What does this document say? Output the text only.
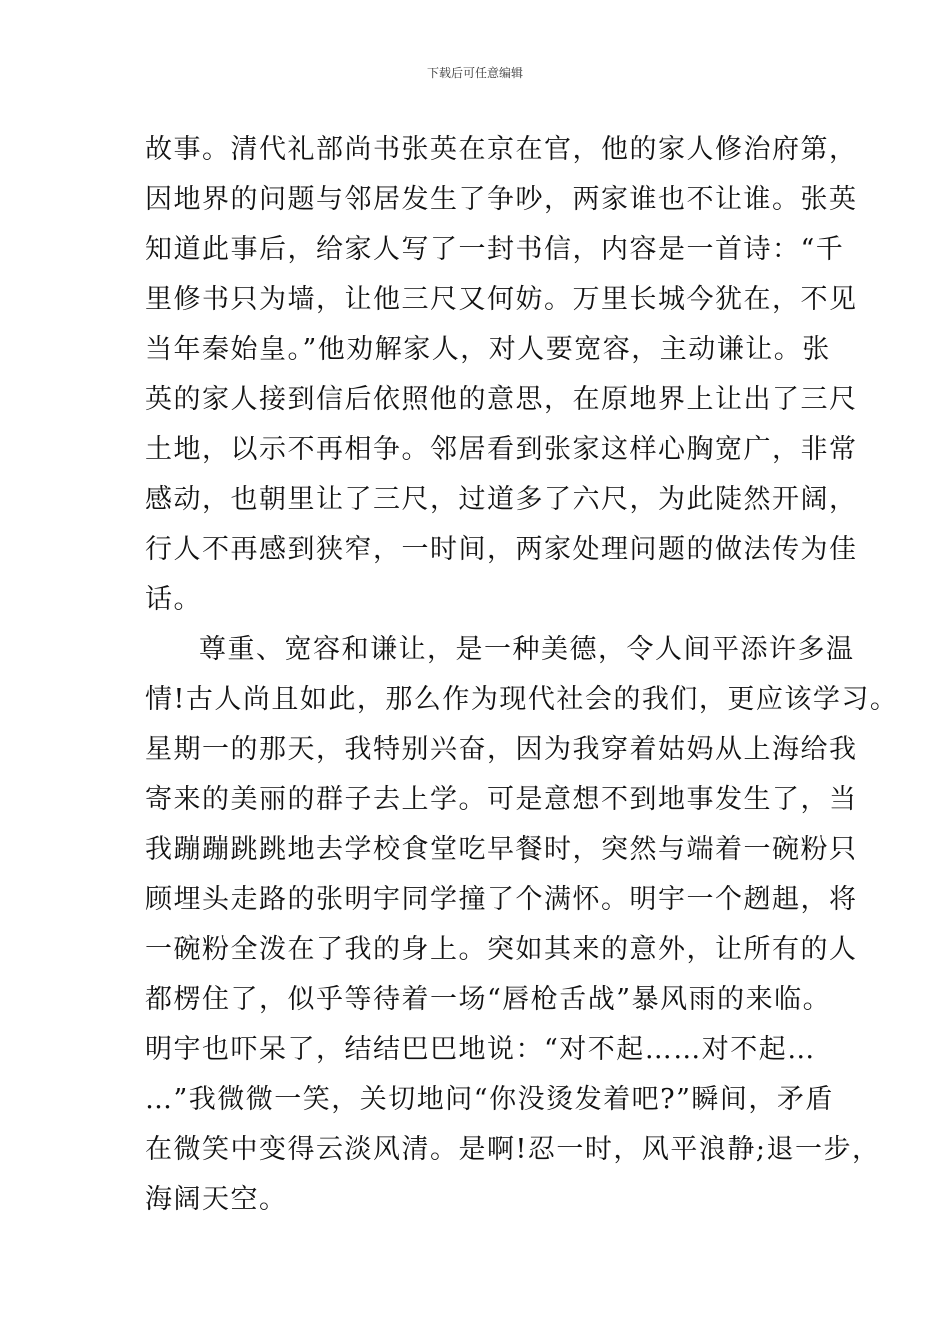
下载后可任意编辑
故事。清代礼部尚书张英在京在官，他的家人修治府第，
因地界的问题与邻居发生了争吵，两家谁也不让谁。张英
知道此事后，给家人写了一封书信，内容是一首诗：“千
里修书只为墙，让他三尺又何妨。万里长城今犹在，不见
当年秦始皇。”他劝解家人，对人要宽容，主动谦让。张
英的家人接到信后依照他的意思，在原地界上让出了三尺
土地，以示不再相争。邻居看到张家这样心胸宽广，非常
感动，也朝里让了三尺，过道多了六尺，为此陡然开阔，
行人不再感到狭窄，一时间，两家处理问题的做法传为佳
话。
尊重、宽容和谦让，是一种美德，令人间平添许多温
情!古人尚且如此，那么作为现代社会的我们，更应该学习。
星期一的那天，我特别兴奋，因为我穿着姑妈从上海给我
寄来的美丽的群子去上学。可是意想不到地事发生了，当
我蹦蹦跳跳地去学校食堂吃早餐时，突然与端着一碗粉只
顾埋头走路的张明宇同学撞了个满怀。明宇一个趔趄，将
一碗粉全泼在了我的身上。突如其来的意外，让所有的人
都楞住了，似乎等待着一场“唇枪舌战”暴风雨的来临。
明宇也吓呆了，结结巴巴地说：“对不起……对不起…
…”我微微一笑，关切地问“你没烫发着吧?”瞬间，矛盾
在微笑中变得云淡风清。是啊!忍一时，风平浪静;退一步，
海阔天空。
